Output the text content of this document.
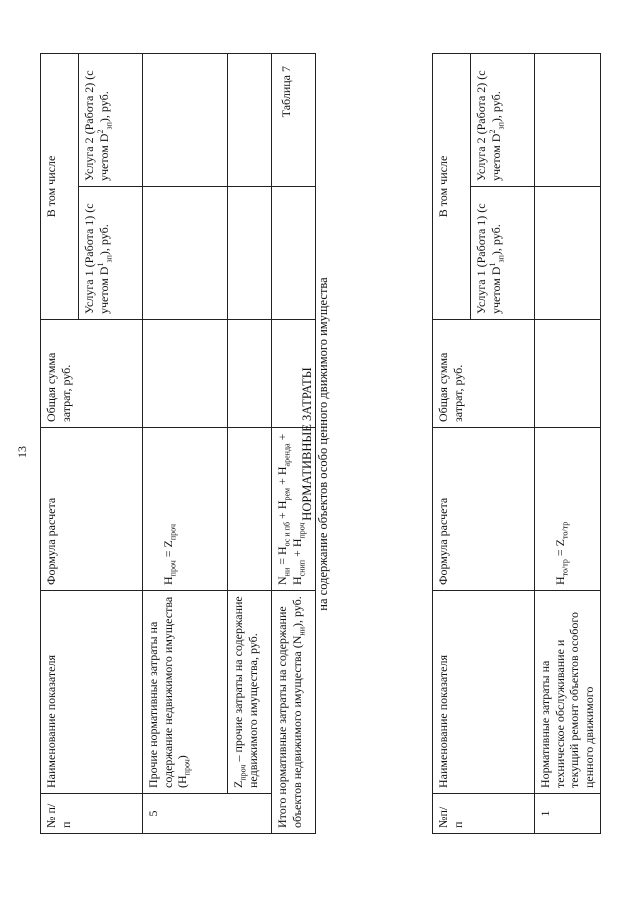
13
№ п/п	Наименование показателя	Формула расчета	Общая сумма затрат, руб.	В том числе	
				Услуга 1 (Работа 1) (с учетом $D^1_{зп}$), руб.	Услуга 2 (Работа 2) (с учетом $D^2_{зп}$), руб.
5	Прочие нормативные затраты на содержание недвижимого имущества $(Н_{проч})$	$Н_{проч} = Z_{проч}$			
	$Z_{проч}$ – прочие затраты на содержание недвижимого имущества, руб.				
Итого нормативные затраты на содержание объектов недвижимого имущества $(N_{ни})$, руб.		$N_{ни} = Н_{ос и пб} + Н_{рем} + Н_{аренда} + Н_{снип} + Н_{проч}$			
Таблица 7
НОРМАТИВНЫЕ ЗАТРАТЫ на содержание объектов особо ценного движимого имущества
№п/ п	Наименование показателя	Формула расчета	Общая сумма затрат, руб.	В том числе	
				Услуга 1 (Работа 1) (с учетом $D^1_{зп}$), руб.	Услуга 2 (Работа 2) (с учетом $D^2_{зп}$), руб.
1	Нормативные затраты на техническое обслуживание и текущий ремонт объектов особого ценного движимого	$Н_{то/тр} = Z_{то/тр}$			
